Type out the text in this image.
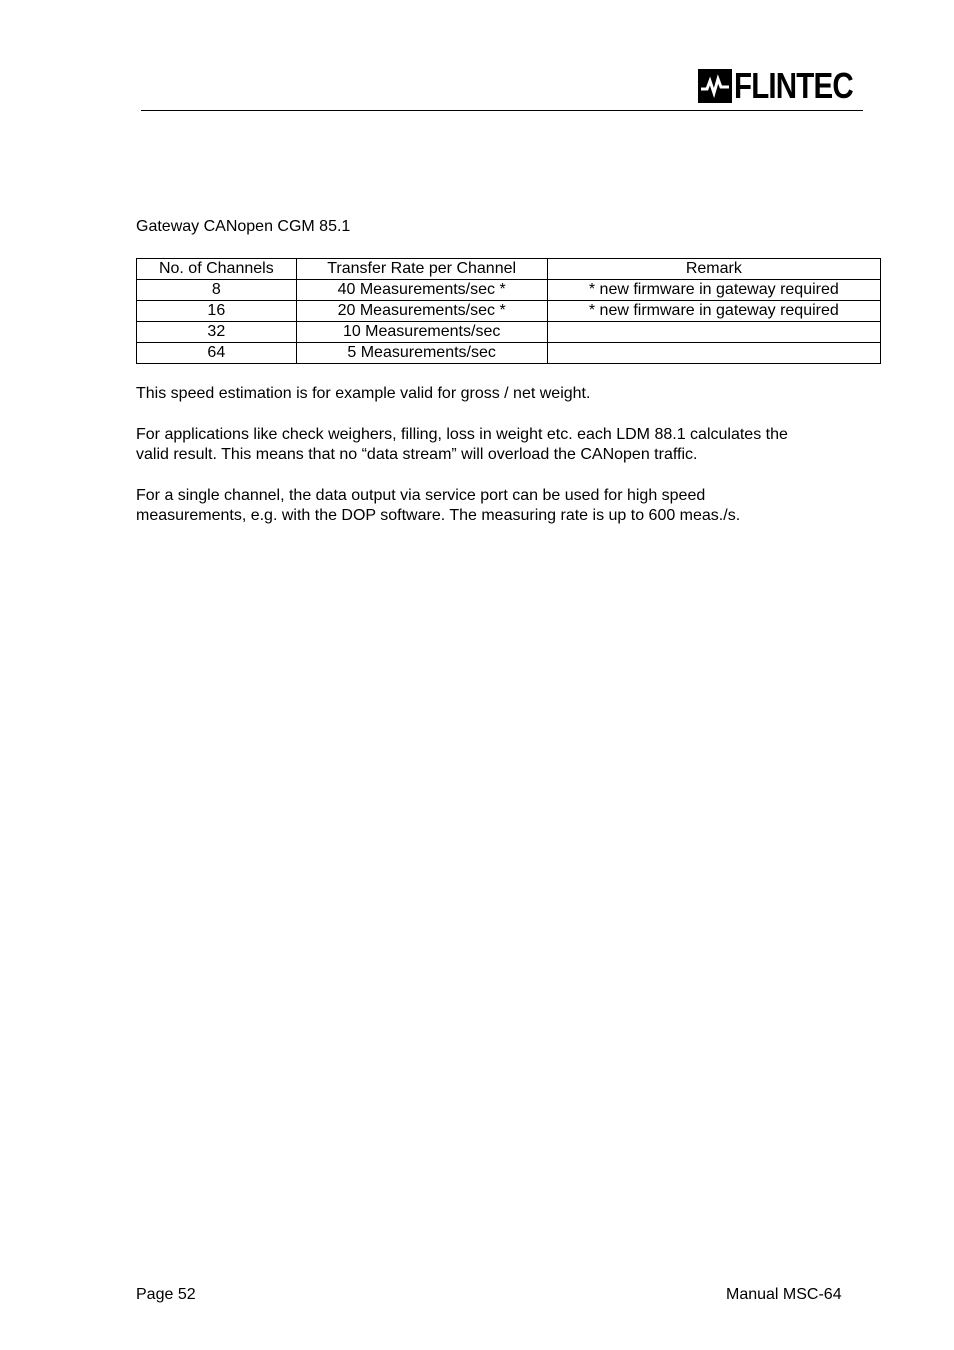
FLINTEC
Gateway CANopen CGM 85.1
No. of Channels	Transfer Rate per Channel	Remark
8	40 Measurements/sec *	* new firmware in gateway required
16	20 Measurements/sec *	* new firmware in gateway required
32	10 Measurements/sec	
64	5 Measurements/sec	
This speed estimation is for example valid for gross / net weight.
For applications like check weighers, filling, loss in weight etc. each LDM 88.1 calculates the
valid result. This means that no “data stream” will overload the CANopen traffic.
For a single channel, the data output via service port can be used for high speed
measurements, e.g. with the DOP software. The measuring rate is up to 600 meas./s.
Page 52	Manual MSC-64
